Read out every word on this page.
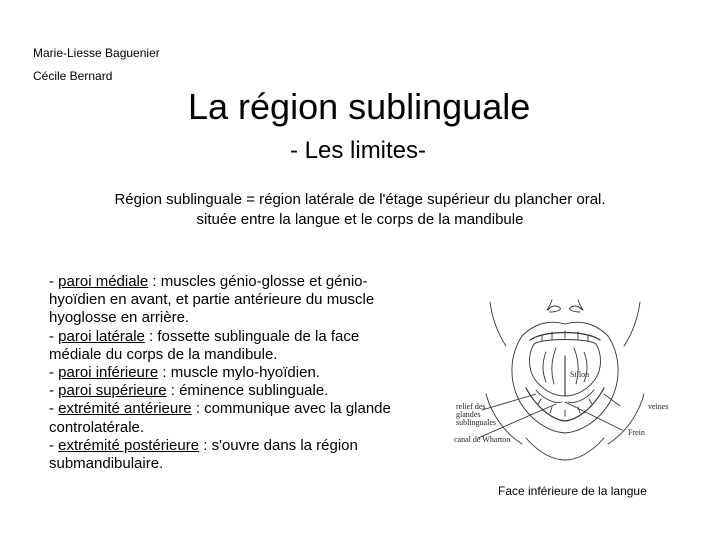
Marie-Liesse Baguenier
Cécile Bernard
La région sublinguale
- Les limites-
Région sublinguale = région latérale de l'étage supérieur du plancher oral.
située entre la langue et le corps de la mandibule
- paroi médiale : muscles génio-glosse et génio-hyoïdien en avant, et partie antérieure du muscle hyoglosse en arrière.
- paroi latérale : fossette sublinguale de la face médiale du corps de la mandibule.
- paroi inférieure : muscle mylo-hyoïdien.
- paroi supérieure : éminence sublinguale.
- extrémité antérieure : communique avec la glande controlatérale.
- extrémité postérieure : s'ouvre dans la région submandibulaire.
Sillon
relief des
glandes
sublinguales
veines
Frein
canal de Wharton
Face inférieure de la langue
